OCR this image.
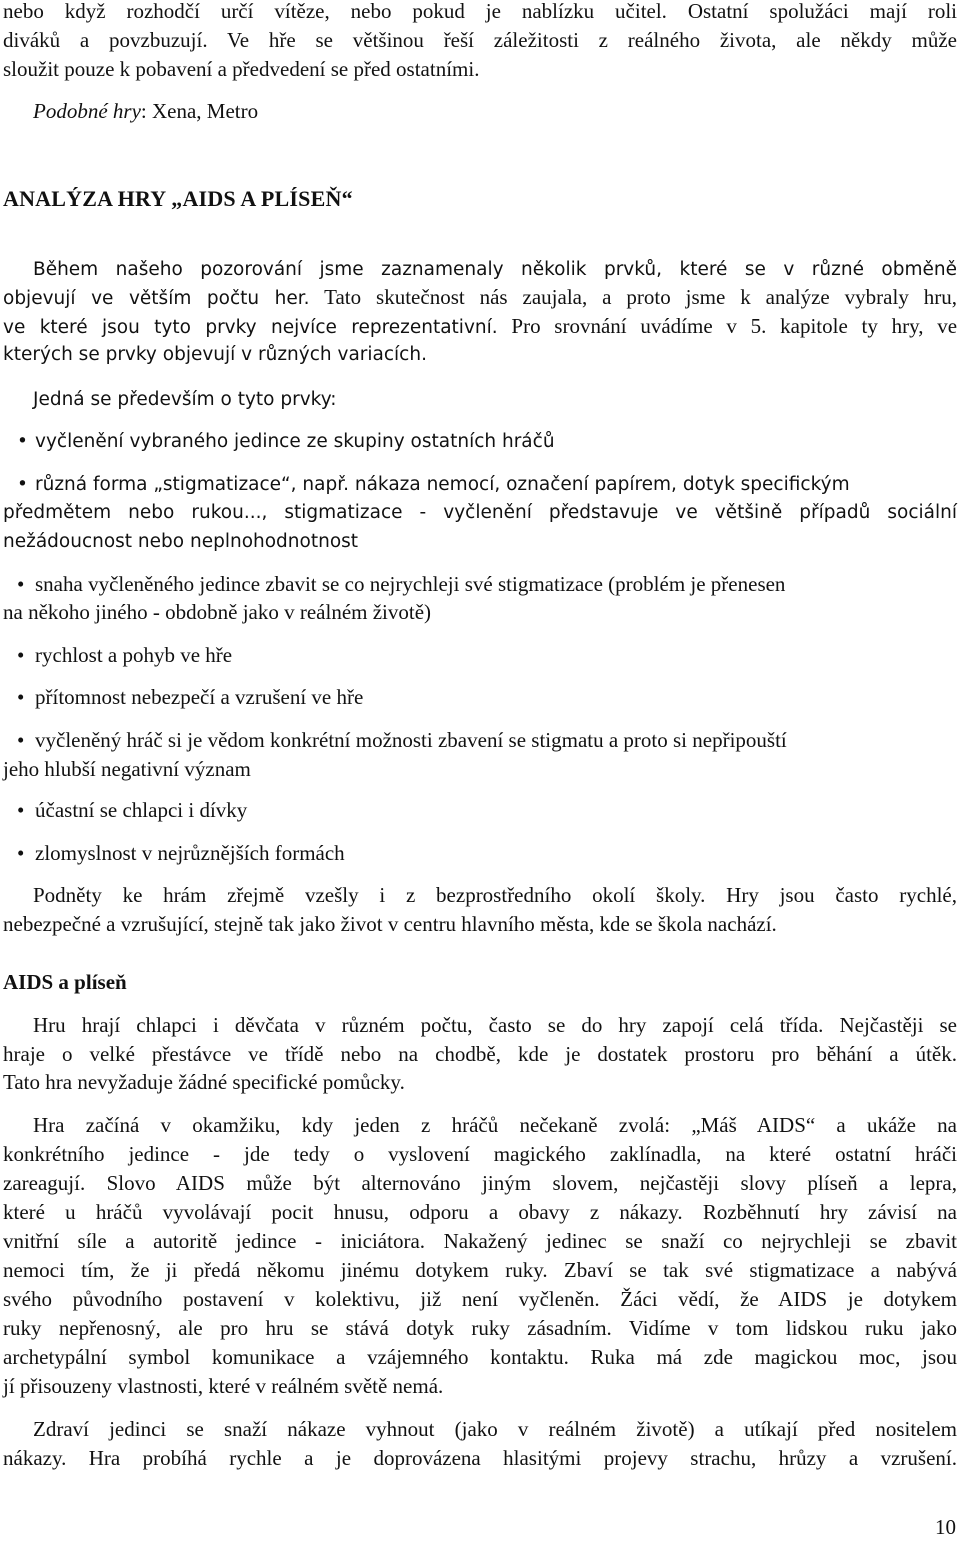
nebo když rozhodčí určí vítěze, nebo pokud je nablízku učitel. Ostatní spolužáci mají roli
diváků a povzbuzují. Ve hře se většinou řeší záležitosti z reálného života, ale někdy může
sloužit pouze k pobavení a předvedení se před ostatními.
Podobné hry: Xena, Metro
ANALÝZA HRY „AIDS A PLÍSEŇ“
Během našeho pozorování jsme zaznamenaly několik prvků, které se v různé obměně
objevují ve větším počtu her. Tato skutečnost nás zaujala, a proto jsme k analýze vybraly hru,
ve které jsou tyto prvky nejvíce reprezentativní. Pro srovnání uvádíme v 5. kapitole ty hry, ve
kterých se prvky objevují v různých variacích.
Jedná se především o tyto prvky:
• vyčlenění vybraného jedince ze skupiny ostatních hráčů
• různá forma „stigmatizace“, např. nákaza nemocí, označení papírem, dotyk specifickým
předmětem nebo rukou..., stigmatizace - vyčlenění představuje ve většině případů sociální
nežádoucnost nebo neplnohodnotnost
• snaha vyčleněného jedince zbavit se co nejrychleji své stigmatizace (problém je přenesen
na někoho jiného - obdobně jako v reálném životě)
• rychlost a pohyb ve hře
• přítomnost nebezpečí a vzrušení ve hře
• vyčleněný hráč si je vědom konkrétní možnosti zbavení se stigmatu a proto si nepřipouští
jeho hlubší negativní význam
• účastní se chlapci i dívky
• zlomyslnost v nejrůznějších formách
Podněty ke hrám zřejmě vzešly i z bezprostředního okolí školy. Hry jsou často rychlé,
nebezpečné a vzrušující, stejně tak jako život v centru hlavního města, kde se škola nachází.
AIDS a plíseň
Hru hrají chlapci i děvčata v různém počtu, často se do hry zapojí celá třída. Nejčastěji se
hraje o velké přestávce ve třídě nebo na chodbě, kde je dostatek prostoru pro běhání a útěk.
Tato hra nevyžaduje žádné specifické pomůcky.
Hra začíná v okamžiku, kdy jeden z hráčů nečekaně zvolá: „Máš AIDS“ a ukáže na
konkrétního jedince - jde tedy o vyslovení magického zaklínadla, na které ostatní hráči
zareagují. Slovo AIDS může být alternováno jiným slovem, nejčastěji slovy plíseň a lepra,
které u hráčů vyvolávají pocit hnusu, odporu a obavy z nákazy. Rozběhnutí hry závisí na
vnitřní síle a autoritě jedince - iniciátora. Nakažený jedinec se snaží co nejrychleji se zbavit
nemoci tím, že ji předá někomu jinému dotykem ruky. Zbaví se tak své stigmatizace a nabývá
svého původního postavení v kolektivu, již není vyčleněn. Žáci vědí, že AIDS je dotykem
ruky nepřenosný, ale pro hru se stává dotyk ruky zásadním. Vidíme v tom lidskou ruku jako
archetypální symbol komunikace a vzájemného kontaktu. Ruka má zde magickou moc, jsou
jí přisouzeny vlastnosti, které v reálném světě nemá.
Zdraví jedinci se snaží nákaze vyhnout (jako v reálném životě) a utíkají před nositelem
nákazy. Hra probíhá rychle a je doprovázena hlasitými projevy strachu, hrůzy a vzrušení.
10
